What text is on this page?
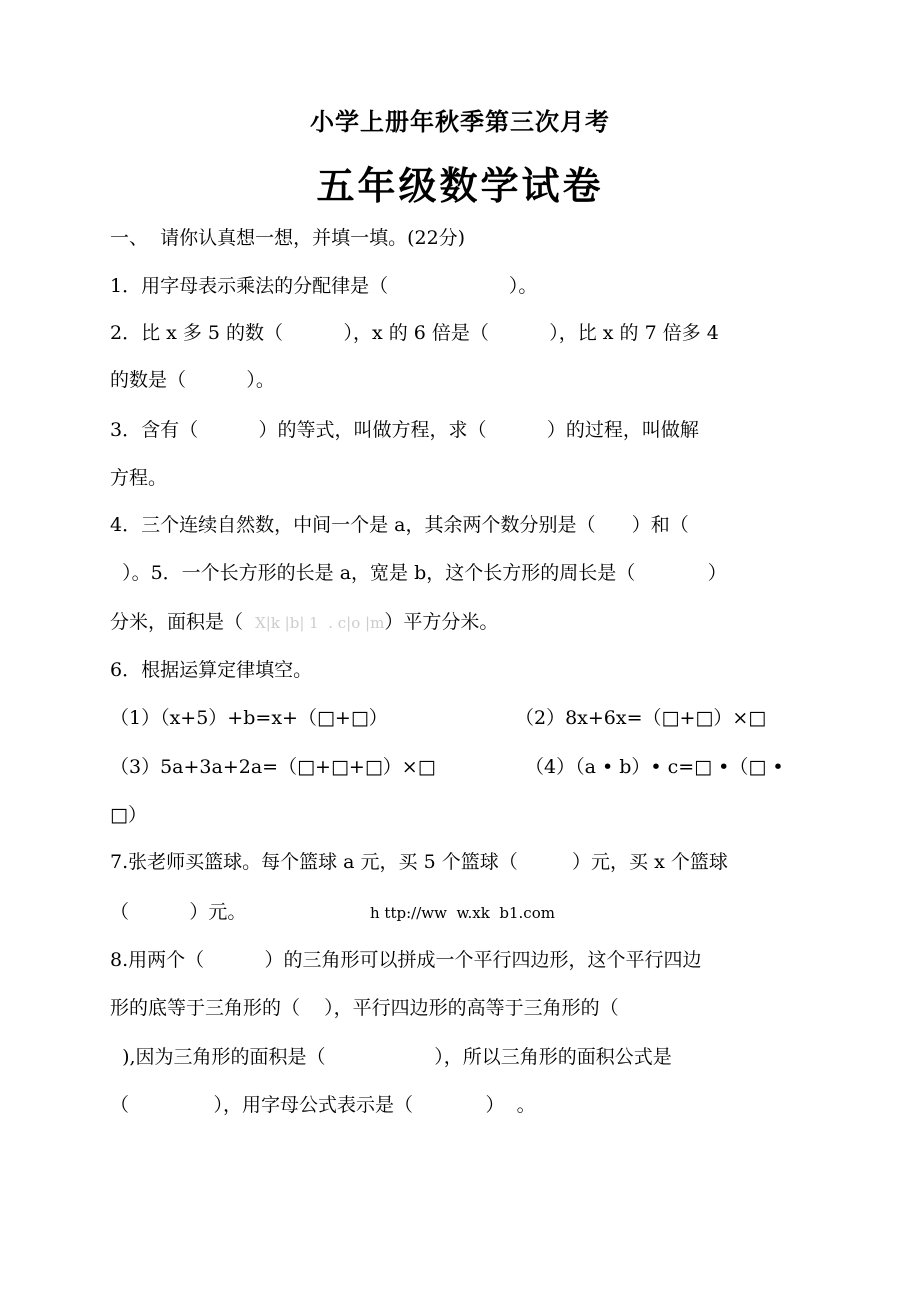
小学上册年秋季第三次月考
五年级数学试卷
一、  请你认真想一想，并填一填。(22分)
1．用字母表示乘法的分配律是（                    ）。
2．比 x 多 5 的数（          ），x 的 6 倍是（          ），比 x 的 7 倍多 4
的数是（          ）。
3．含有（          ）的等式，叫做方程，求（          ）的过程，叫做解
方程。
4．三个连续自然数，中间一个是 a，其余两个数分别是（      ）和（
）。5．一个长方形的长是 a，宽是 b，这个长方形的周长是（            ）
分米，面积是（  X|k |b| 1  . c|o |m）平方分米。
6．根据运算定律填空。
（1）（x+5）+b=x+（□+□）	（2）8x+6x=（□+□）×□
（3）5a+3a+2a=（□+□+□）×□	（4）（a • b）• c=□ •（□ •
□）
7.张老师买篮球。每个篮球 a 元，买 5 个篮球（         ）元，买 x 个篮球
（          ）元。	h ttp://ww  w.xk  b1.com
8.用两个（          ）的三角形可以拼成一个平行四边形，这个平行四边
形的底等于三角形的（    ），平行四边形的高等于三角形的（
),因为三角形的面积是（                  ），所以三角形的面积公式是
（              ），用字母公式表示是（            ）  。
